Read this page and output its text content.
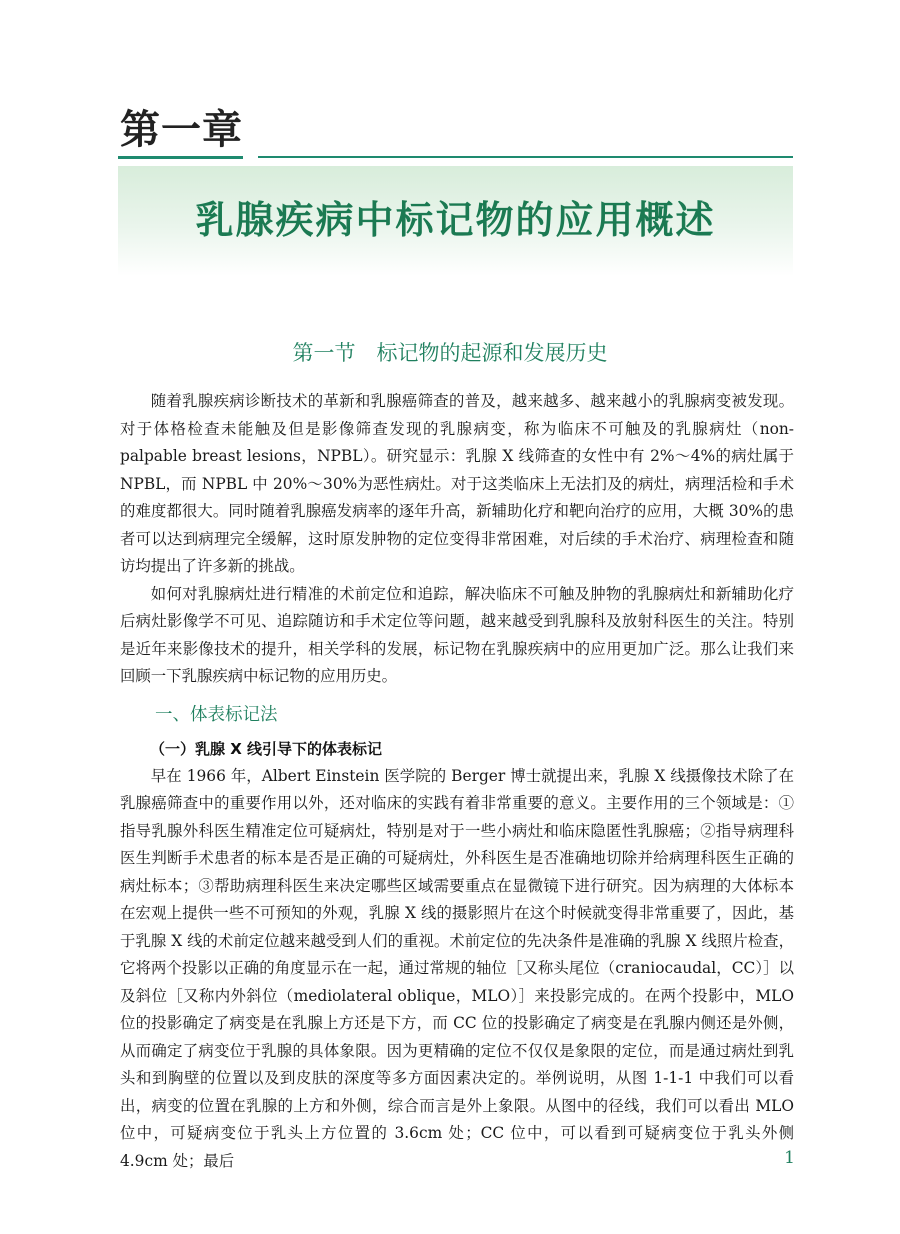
第一章
乳腺疾病中标记物的应用概述
第一节　标记物的起源和发展历史

随着乳腺疾病诊断技术的革新和乳腺癌筛查的普及，越来越多、越来越小的乳腺病变被发现。对于体格检查未能触及但是影像筛查发现的乳腺病变，称为临床不可触及的乳腺病灶（non-palpable breast lesions，NPBL）。研究显示：乳腺 X 线筛查的女性中有 2%～4%的病灶属于 NPBL，而 NPBL 中 20%～30%为恶性病灶。对于这类临床上无法扪及的病灶，病理活检和手术的难度都很大。同时随着乳腺癌发病率的逐年升高，新辅助化疗和靶向治疗的应用，大概 30%的患者可以达到病理完全缓解，这时原发肿物的定位变得非常困难，对后续的手术治疗、病理检查和随访均提出了许多新的挑战。

如何对乳腺病灶进行精准的术前定位和追踪，解决临床不可触及肿物的乳腺病灶和新辅助化疗后病灶影像学不可见、追踪随访和手术定位等问题，越来越受到乳腺科及放射科医生的关注。特别是近年来影像技术的提升，相关学科的发展，标记物在乳腺疾病中的应用更加广泛。那么让我们来回顾一下乳腺疾病中标记物的应用历史。

一、体表标记法
（一）乳腺 X 线引导下的体表标记

早在 1966 年，Albert Einstein 医学院的 Berger 博士就提出来，乳腺 X 线摄像技术除了在乳腺癌筛查中的重要作用以外，还对临床的实践有着非常重要的意义。主要作用的三个领域是：①指导乳腺外科医生精准定位可疑病灶，特别是对于一些小病灶和临床隐匿性乳腺癌；②指导病理科医生判断手术患者的标本是否是正确的可疑病灶，外科医生是否准确地切除并给病理科医生正确的病灶标本；③帮助病理科医生来决定哪些区域需要重点在显微镜下进行研究。因为病理的大体标本在宏观上提供一些不可预知的外观，乳腺 X 线的摄影照片在这个时候就变得非常重要了，因此，基于乳腺 X 线的术前定位越来越受到人们的重视。术前定位的先决条件是准确的乳腺 X 线照片检查，它将两个投影以正确的角度显示在一起，通过常规的轴位［又称头尾位（craniocaudal，CC）］以及斜位［又称内外斜位（mediolateral oblique，MLO）］来投影完成的。在两个投影中，MLO 位的投影确定了病变是在乳腺上方还是下方，而 CC 位的投影确定了病变是在乳腺内侧还是外侧，从而确定了病变位于乳腺的具体象限。因为更精确的定位不仅仅是象限的定位，而是通过病灶到乳头和到胸壁的位置以及到皮肤的深度等多方面因素决定的。举例说明，从图 1-1-1 中我们可以看出，病变的位置在乳腺的上方和外侧，综合而言是外上象限。从图中的径线，我们可以看出 MLO 位中，可疑病变位于乳头上方位置的 3.6cm 处；CC 位中，可以看到可疑病变位于乳头外侧 4.9cm 处；最后	1
